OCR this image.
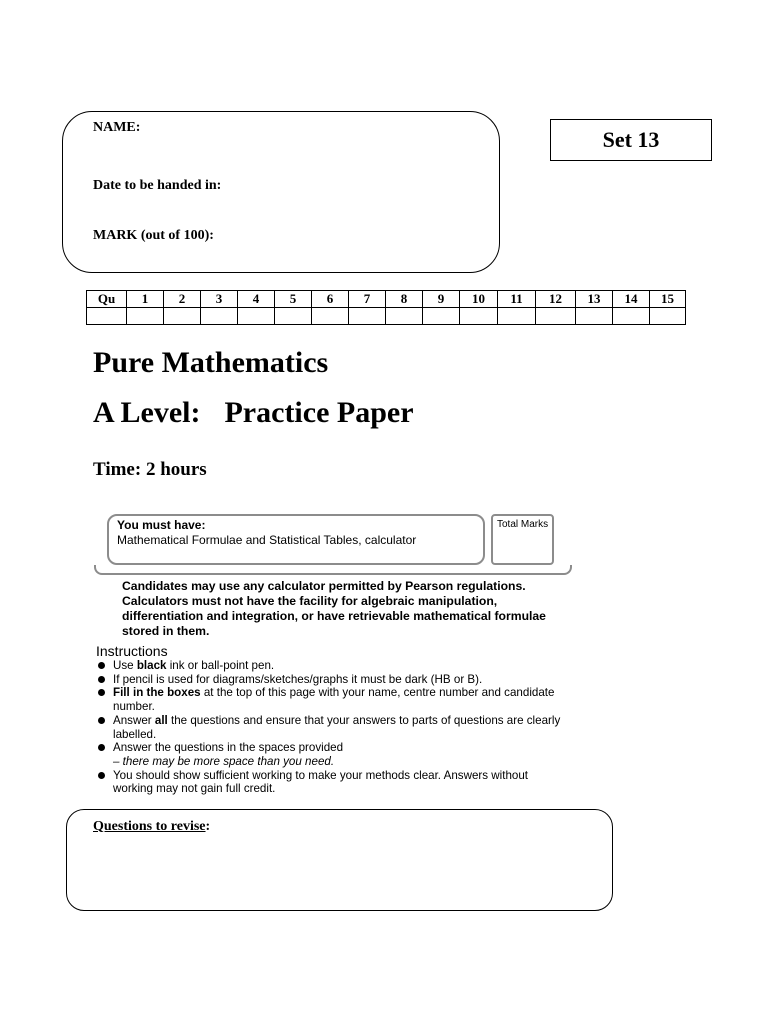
NAME:
Date to be handed in:
MARK (out of 100):
Set 13
Qu	1	2	3	4	5	6	7	8	9	10	11	12	13	14	15

Pure Mathematics
A Level: Practice Paper
Time: 2 hours
You must have:
Mathematical Formulae and Statistical Tables, calculator
Total Marks
Candidates may use any calculator permitted by Pearson regulations. Calculators must not have the facility for algebraic manipulation, differentiation and integration, or have retrievable mathematical formulae stored in them.
Instructions
Use black ink or ball-point pen.
If pencil is used for diagrams/sketches/graphs it must be dark (HB or B).
Fill in the boxes at the top of this page with your name, centre number and candidate number.
Answer all the questions and ensure that your answers to parts of questions are clearly labelled.
Answer the questions in the spaces provided
– there may be more space than you need.
You should show sufficient working to make your methods clear. Answers without working may not gain full credit.
Questions to revise:
